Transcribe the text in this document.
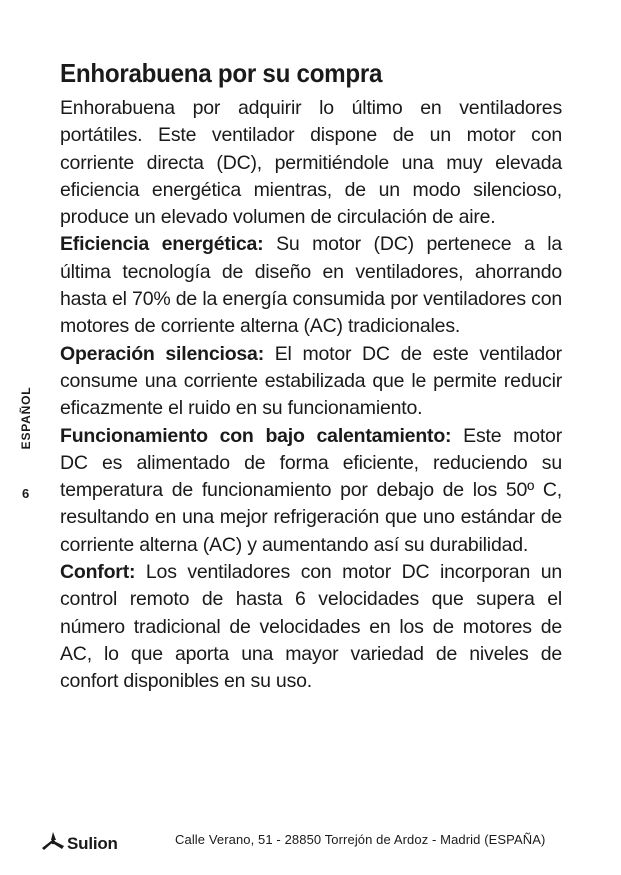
Enhorabuena por su compra

Enhorabuena por adquirir lo último en ventiladores portátiles. Este ventilador dispone de un motor con corriente directa (DC), permitiéndole una muy elevada eficiencia energética mientras, de un modo silencioso, produce un elevado volumen de circulación de aire.

Eficiencia energética: Su motor (DC) pertenece a la última tecnología de diseño en ventiladores, ahorrando hasta el 70% de la energía consumida por ventiladores con motores de corriente alterna (AC) tradicionales.

Operación silenciosa: El motor DC de este ventilador consume una corriente estabilizada que le permite reducir eficazmente el ruido en su funcionamiento.

Funcionamiento con bajo calentamiento: Este motor DC es alimentado de forma eficiente, reduciendo su temperatura de funcionamiento por debajo de los 50º C, resultando en una mejor refrigeración que uno estándar de corriente alterna (AC) y aumentando así su durabilidad.

Confort: Los ventiladores con motor DC incorporan un control remoto de hasta 6 velocidades que supera el número tradicional de velocidades en los de motores de AC, lo que aporta una mayor variedad de niveles de confort disponibles en su uso.

ESPAÑOL
6
Sulion	Calle Verano, 51 - 28850 Torrejón de Ardoz - Madrid (ESPAÑA)
